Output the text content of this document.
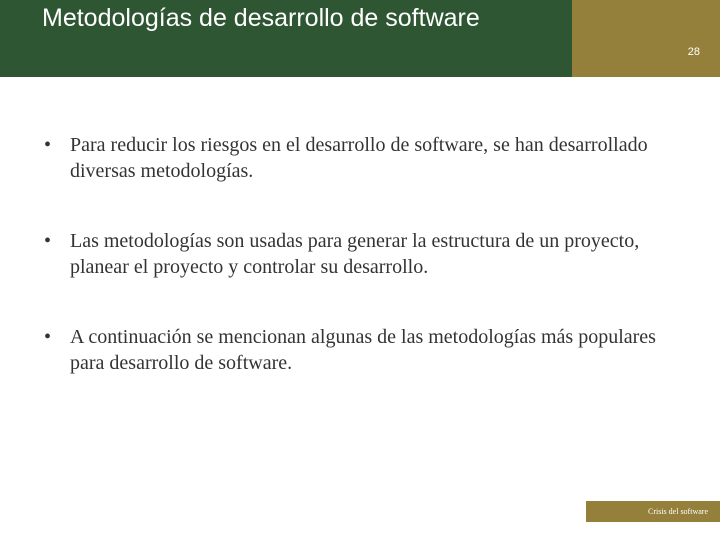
Metodologías de desarrollo de software
28
• Para reducir los riesgos en el desarrollo de software, se han desarrollado diversas metodologías.
• Las metodologías son usadas para generar la estructura de un proyecto, planear el proyecto y controlar su desarrollo.
• A continuación se mencionan algunas de las metodologías más populares para desarrollo de software.
Crisis del software
